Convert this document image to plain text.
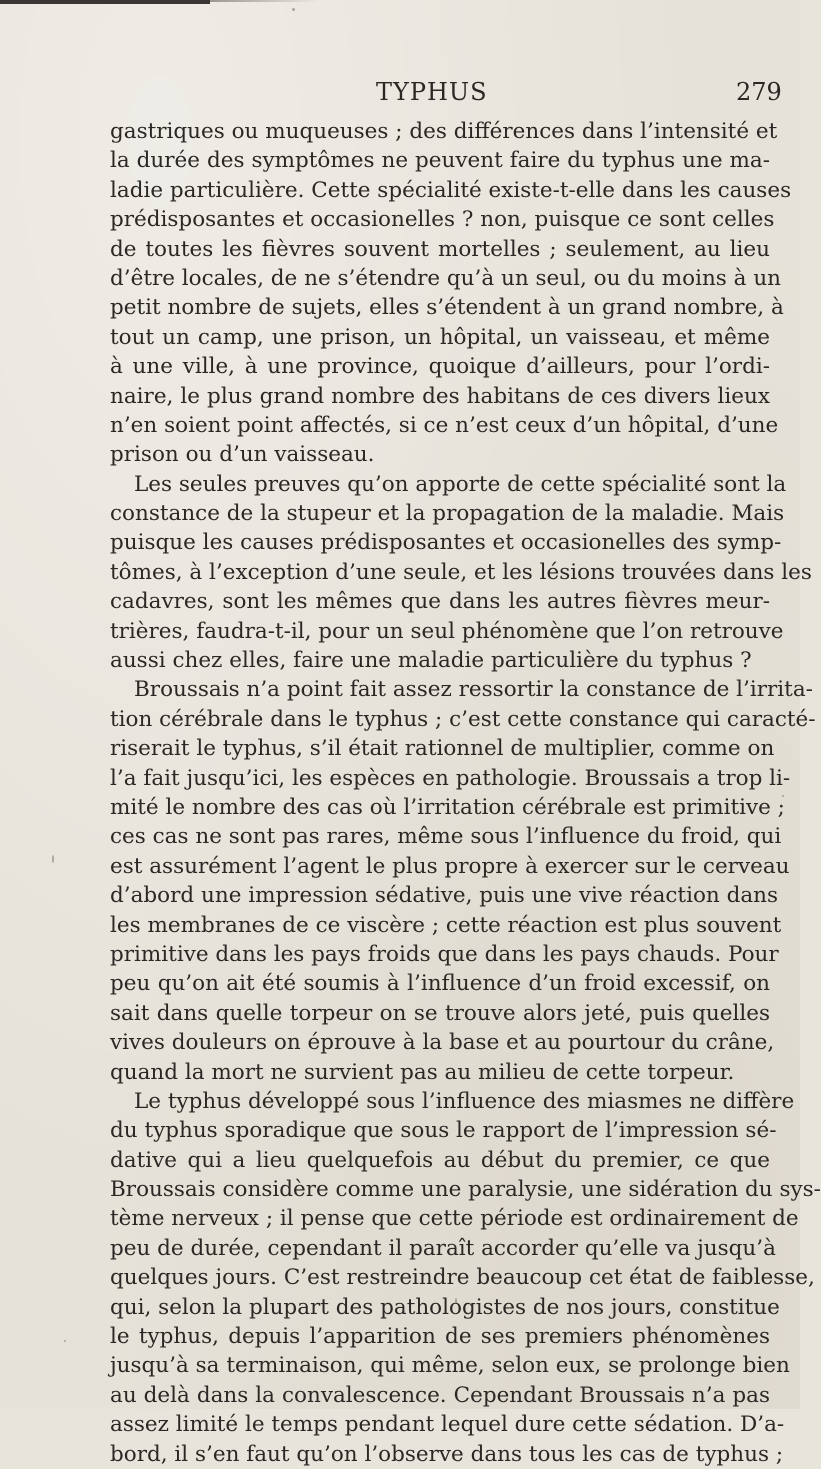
TYPHUS	279
gastriques ou muqueuses ; des différences dans l’intensité et
la durée des symptômes ne peuvent faire du typhus une ma-
ladie particulière. Cette spécialité existe-t-elle dans les causes
prédisposantes et occasionelles ? non, puisque ce sont celles
de toutes les fièvres souvent mortelles ; seulement, au lieu
d’être locales, de ne s’étendre qu’à un seul, ou du moins à un
petit nombre de sujets, elles s’étendent à un grand nombre, à
tout un camp, une prison, un hôpital, un vaisseau, et même
à une ville, à une province, quoique d’ailleurs, pour l’ordi-
naire, le plus grand nombre des habitans de ces divers lieux
n’en soient point affectés, si ce n’est ceux d’un hôpital, d’une
prison ou d’un vaisseau.
Les seules preuves qu’on apporte de cette spécialité sont la
constance de la stupeur et la propagation de la maladie. Mais
puisque les causes prédisposantes et occasionelles des symp-
tômes, à l’exception d’une seule, et les lésions trouvées dans les
cadavres, sont les mêmes que dans les autres fièvres meur-
trières, faudra-t-il, pour un seul phénomène que l’on retrouve
aussi chez elles, faire une maladie particulière du typhus ?
Broussais n’a point fait assez ressortir la constance de l’irrita-
tion cérébrale dans le typhus ; c’est cette constance qui caracté-
riserait le typhus, s’il était rationnel de multiplier, comme on
l’a fait jusqu’ici, les espèces en pathologie. Broussais a trop li-
mité le nombre des cas où l’irritation cérébrale est primitive ;
ces cas ne sont pas rares, même sous l’influence du froid, qui
est assurément l’agent le plus propre à exercer sur le cerveau
d’abord une impression sédative, puis une vive réaction dans
les membranes de ce viscère ; cette réaction est plus souvent
primitive dans les pays froids que dans les pays chauds. Pour
peu qu’on ait été soumis à l’influence d’un froid excessif, on
sait dans quelle torpeur on se trouve alors jeté, puis quelles
vives douleurs on éprouve à la base et au pourtour du crâne,
quand la mort ne survient pas au milieu de cette torpeur.
Le typhus développé sous l’influence des miasmes ne diffère
du typhus sporadique que sous le rapport de l’impression sé-
dative qui a lieu quelquefois au début du premier, ce que
Broussais considère comme une paralysie, une sidération du sys-
tème nerveux ; il pense que cette période est ordinairement de
peu de durée, cependant il paraît accorder qu’elle va jusqu’à
quelques jours. C’est restreindre beaucoup cet état de faiblesse,
qui, selon la plupart des pathologistes de nos jours, constitue
le typhus, depuis l’apparition de ses premiers phénomènes
jusqu’à sa terminaison, qui même, selon eux, se prolonge bien
au delà dans la convalescence. Cependant Broussais n’a pas
assez limité le temps pendant lequel dure cette sédation. D’a-
bord, il s’en faut qu’on l’observe dans tous les cas de typhus ;
